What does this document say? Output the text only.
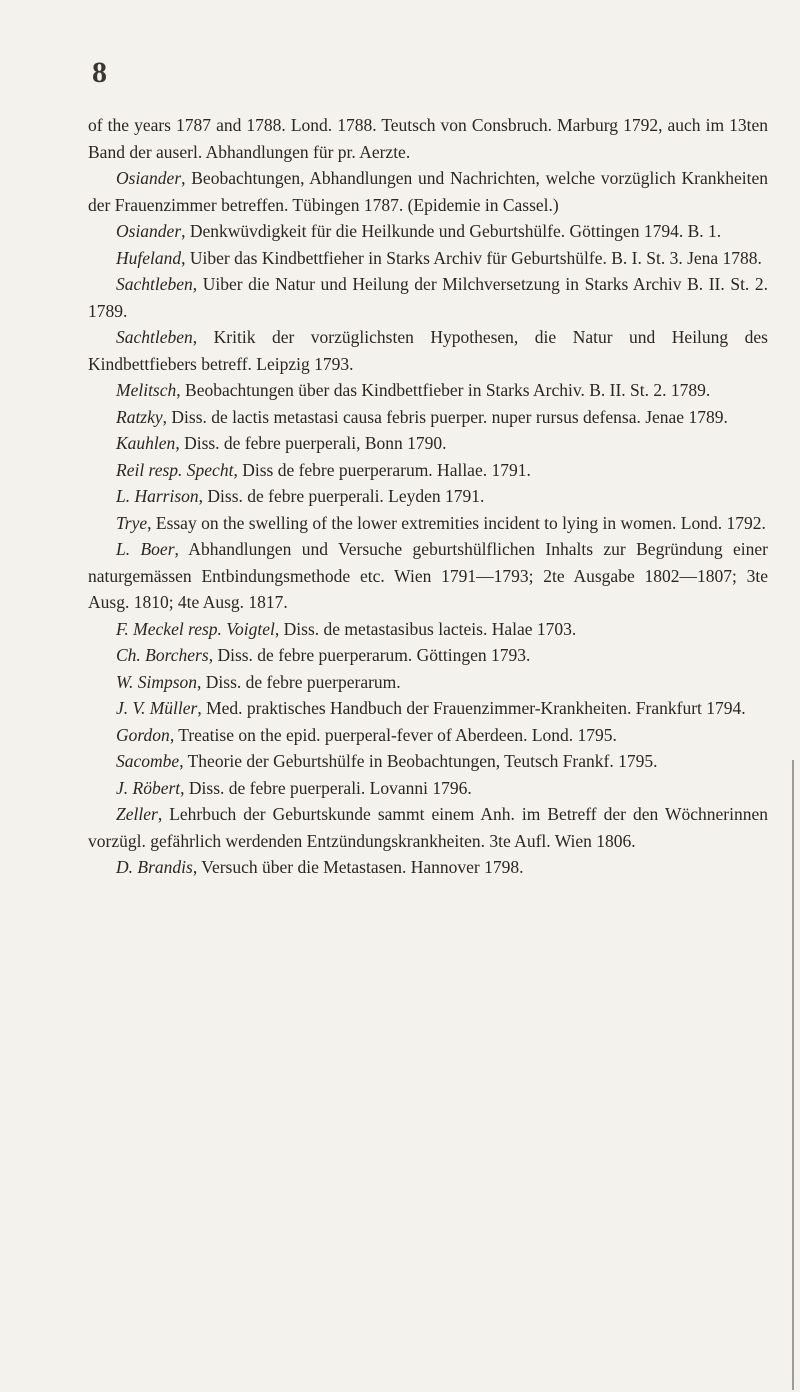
8

of the years 1787 and 1788. Lond. 1788. Teutsch von Consbruch. Marburg 1792, auch im 13ten Band der auserl. Abhandlungen für pr. Aerzte.

Osiander, Beobachtungen, Abhandlungen und Nachrichten, welche vorzüglich Krankheiten der Frauenzimmer betreffen. Tübingen 1787. (Epidemie in Cassel.)

Osiander, Denkwüvdigkeit für die Heilkunde und Geburtshülfe. Göttingen 1794. B. 1.

Hufeland, Uiber das Kindbettfieher in Starks Archiv für Geburtshülfe. B. I. St. 3. Jena 1788.

Sachtleben, Uiber die Natur und Heilung der Milchversetzung in Starks Archiv B. II. St. 2. 1789.

Sachtleben, Kritik der vorzüglichsten Hypothesen, die Natur und Heilung des Kindbettfiebers betreff. Leipzig 1793.

Melitsch, Beobachtungen über das Kindbettfieber in Starks Archiv. B. II. St. 2. 1789.

Ratzky, Diss. de lactis metastasi causa febris puerper. nuper rursus defensa. Jenae 1789.

Kauhlen, Diss. de febre puerperali, Bonn 1790.

Reil resp. Specht, Diss de febre puerperarum. Hallae. 1791.

L. Harrison, Diss. de febre puerperali. Leyden 1791.

Trye, Essay on the swelling of the lower extremities incident to lying in women. Lond. 1792.

L. Boer, Abhandlungen und Versuche geburtshülflichen Inhalts zur Begründung einer naturgemässen Entbindungsmethode etc. Wien 1791—1793; 2te Ausgabe 1802—1807; 3te Ausg. 1810; 4te Ausg. 1817.

F. Meckel resp. Voigtel, Diss. de metastasibus lacteis. Halae 1703.

Ch. Borchers, Diss. de febre puerperarum. Göttingen 1793.

W. Simpson, Diss. de febre puerperarum.

J. V. Müller, Med. praktisches Handbuch der Frauenzimmer-Krankheiten. Frankfurt 1794.

Gordon, Treatise on the epid. puerperal-fever of Aberdeen. Lond. 1795.

Sacombe, Theorie der Geburtshülfe in Beobachtungen, Teutsch Frankf. 1795.

J. Röbert, Diss. de febre puerperali. Lovanni 1796.

Zeller, Lehrbuch der Geburtskunde sammt einem Anh. im Betreff der den Wöchnerinnen vorzügl. gefährlich werdenden Entzündungskrankheiten. 3te Aufl. Wien 1806.

D. Brandis, Versuch über die Metastasen. Hannover 1798.
